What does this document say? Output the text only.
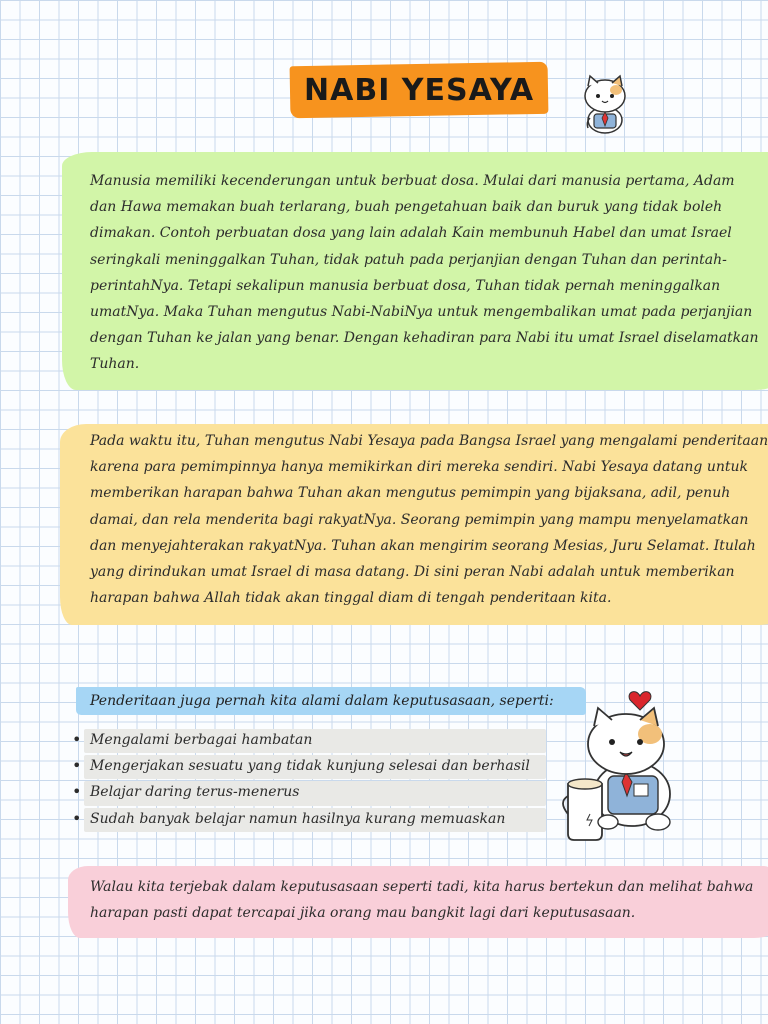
NABI YESAYA
Manusia memiliki kecenderungan untuk berbuat dosa. Mulai dari manusia pertama, Adam dan Hawa memakan buah terlarang, buah pengetahuan baik dan buruk yang tidak boleh dimakan. Contoh perbuatan dosa yang lain adalah Kain membunuh Habel dan umat Israel seringkali meninggalkan Tuhan, tidak patuh pada perjanjian dengan Tuhan dan perintah-perintahNya. Tetapi sekalipun manusia berbuat dosa, Tuhan tidak pernah meninggalkan umatNya. Maka Tuhan mengutus Nabi-NabiNya untuk mengembalikan umat pada perjanjian dengan Tuhan ke jalan yang benar. Dengan kehadiran para Nabi itu umat Israel diselamatkan Tuhan.
Pada waktu itu, Tuhan mengutus Nabi Yesaya pada Bangsa Israel yang mengalami penderitaan karena para pemimpinnya hanya memikirkan diri mereka sendiri. Nabi Yesaya datang untuk memberikan harapan bahwa Tuhan akan mengutus pemimpin yang bijaksana, adil, penuh damai, dan rela menderita bagi rakyatNya. Seorang pemimpin yang mampu menyelamatkan dan menyejahterakan rakyatNya. Tuhan akan mengirim seorang Mesias, Juru Selamat. Itulah yang dirindukan umat Israel di masa datang. Di sini peran Nabi adalah untuk memberikan harapan bahwa Allah tidak akan tinggal diam di tengah penderitaan kita.
Penderitaan juga pernah kita alami dalam keputusasaan, seperti:
• Mengalami berbagai hambatan
• Mengerjakan sesuatu yang tidak kunjung selesai dan berhasil
• Belajar daring terus-menerus
• Sudah banyak belajar namun hasilnya kurang memuaskan
Walau kita terjebak dalam keputusasaan seperti tadi, kita harus bertekun dan melihat bahwa harapan pasti dapat tercapai jika orang mau bangkit lagi dari keputusasaan.
